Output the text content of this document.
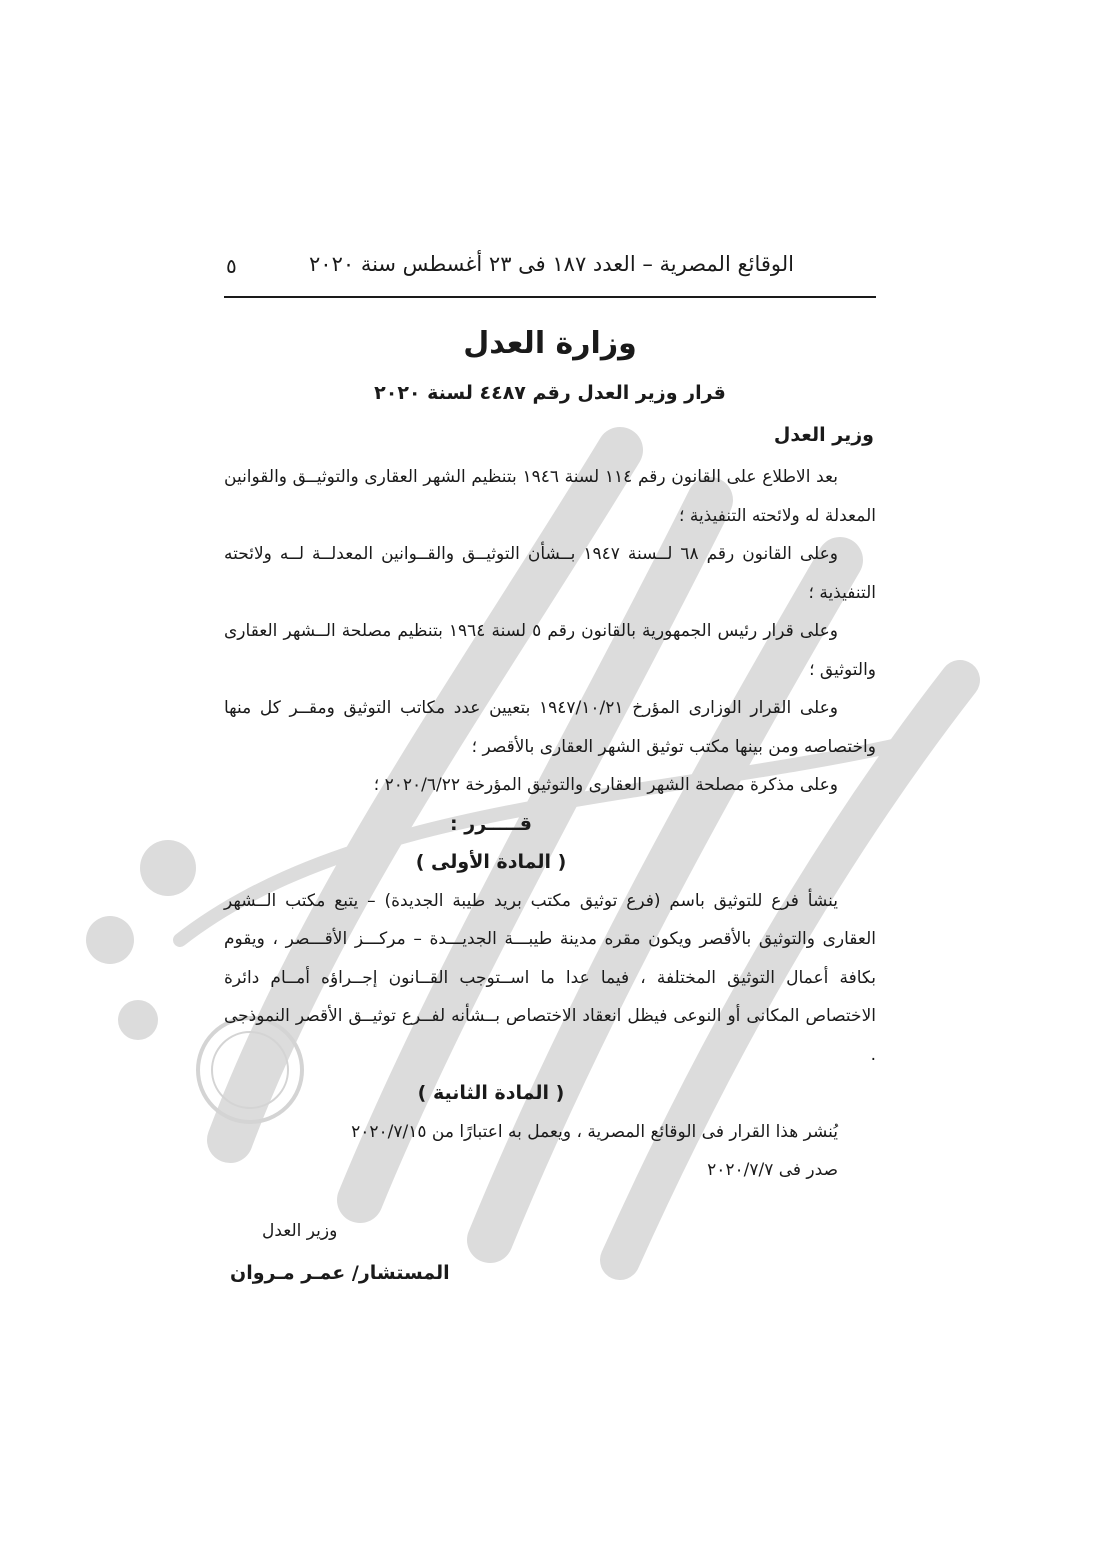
الوقائع المصرية – العدد ١٨٧ فى ٢٣ أغسطس سنة ٢٠٢٠
٥
وزارة العدل
قرار وزير العدل رقم ٤٤٨٧ لسنة ٢٠٢٠
وزير العدل

بعد الاطلاع على القانون رقم ١١٤ لسنة ١٩٤٦ بتنظيم الشهر العقارى والتوثيــق والقوانين المعدلة له ولائحته التنفيذية ؛

وعلى القانون رقم ٦٨ لــسنة ١٩٤٧ بــشأن التوثيــق والقــوانين المعدلــة لــه ولائحته التنفيذية ؛

وعلى قرار رئيس الجمهورية بالقانون رقم ٥ لسنة ١٩٦٤ بتنظيم مصلحة الــشهر العقارى والتوثيق ؛

وعلى القرار الوزارى المؤرخ ١٩٤٧/١٠/٢١ بتعيين عدد مكاتب التوثيق ومقــر كل منها واختصاصه ومن بينها مكتب توثيق الشهر العقارى بالأقصر ؛

وعلى مذكرة مصلحة الشهر العقارى والتوثيق المؤرخة ٢٠٢٠/٦/٢٢ ؛

قـــــرر :

( المادة الأولى )

ينشأ فرع للتوثيق باسم (فرع توثيق مكتب بريد طيبة الجديدة) – يتبع مكتب الــشهر العقارى والتوثيق بالأقصر ويكون مقره مدينة طيبـــة الجديـــدة – مركـــز الأقـــصر ، ويقوم بكافة أعمال التوثيق المختلفة ، فيما عدا ما اســتوجب القــانون إجــراؤه أمــام دائرة الاختصاص المكانى أو النوعى فيظل انعقاد الاختصاص بــشأنه لفــرع توثيــق الأقصر النموذجى .

( المادة الثانية )

يُنشر هذا القرار فى الوقائع المصرية ، ويعمل به اعتبارًا من ٢٠٢٠/٧/١٥

صدر فى ٢٠٢٠/٧/٧

وزير العدل
المستشار/ عمـر مـروان
